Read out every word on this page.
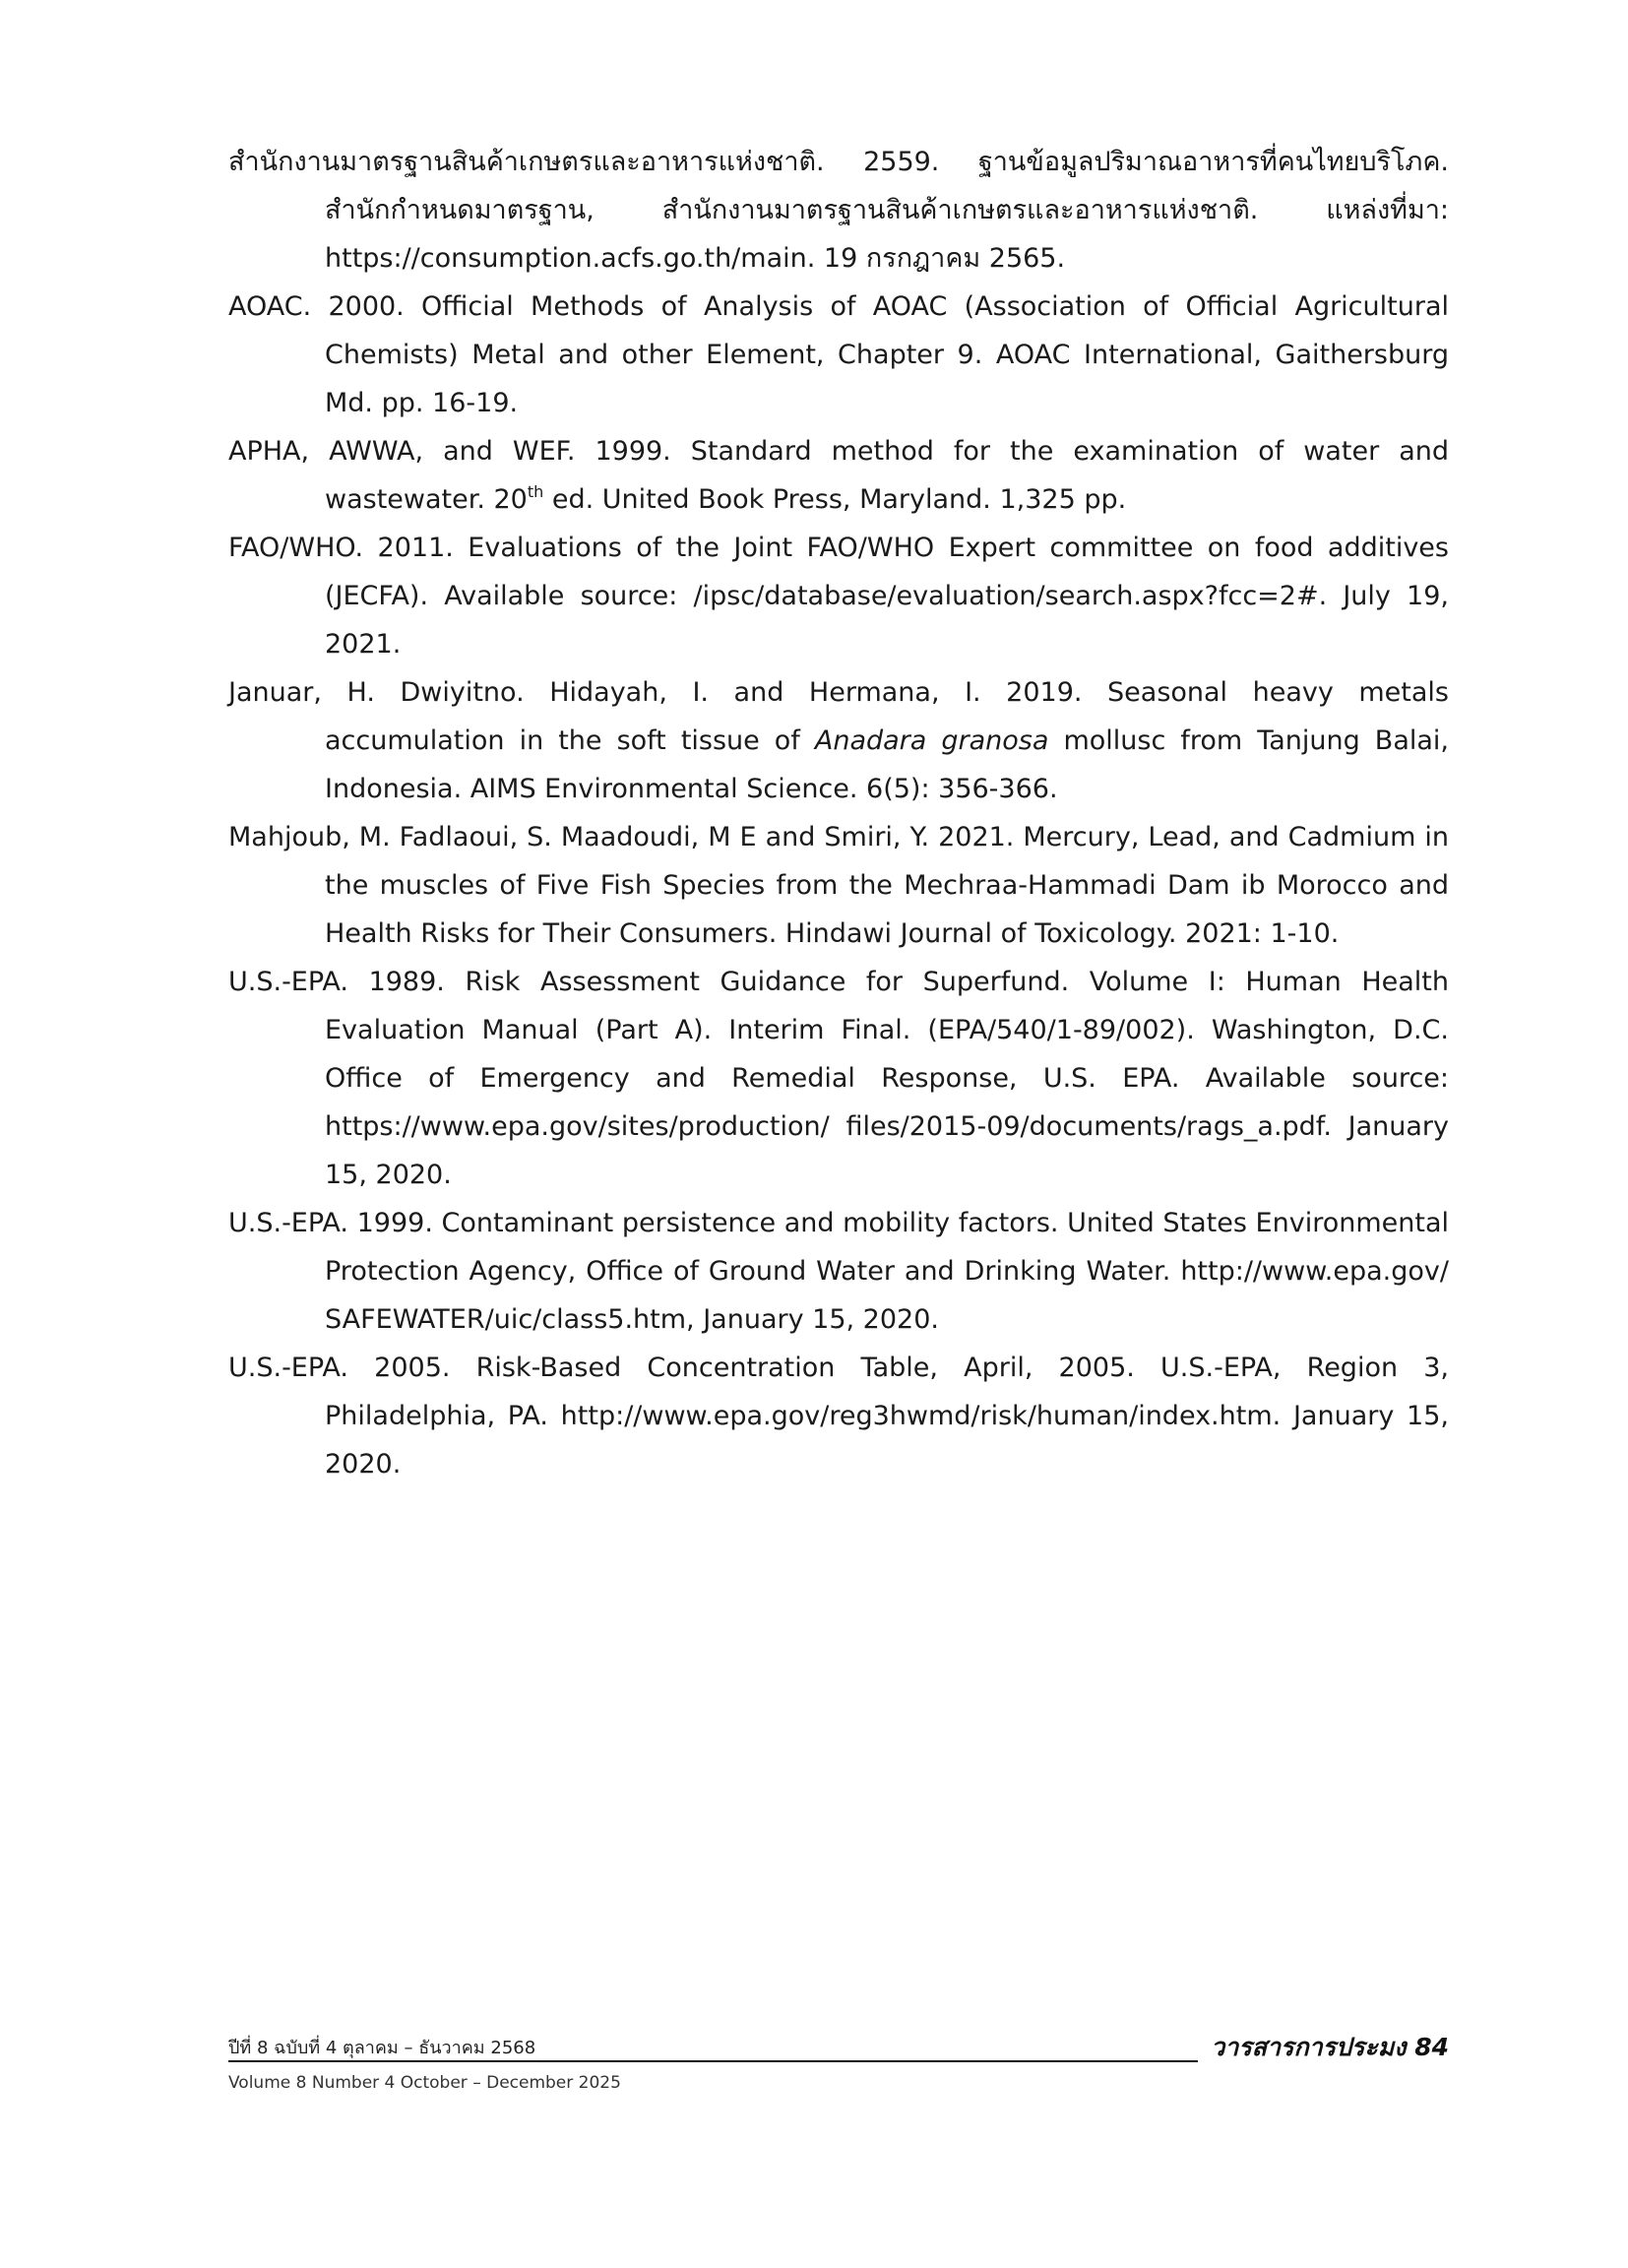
สำนักงานมาตรฐานสินค้าเกษตรและอาหารแห่งชาติ. 2559. ฐานข้อมูลปริมาณอาหารที่คนไทยบริโภค. สำนักกำหนดมาตรฐาน, สำนักงานมาตรฐานสินค้าเกษตรและอาหารแห่งชาติ. แหล่งที่มา: https://consumption.acfs.go.th/main. 19 กรกฎาคม 2565.

AOAC. 2000. Official Methods of Analysis of AOAC (Association of Official Agricultural Chemists) Metal and other Element, Chapter 9. AOAC International, Gaithersburg Md. pp. 16-19.

APHA, AWWA, and WEF. 1999. Standard method for the examination of water and wastewater. 20th ed. United Book Press, Maryland. 1,325 pp.

FAO/WHO. 2011. Evaluations of the Joint FAO/WHO Expert committee on food additives (JECFA). Available source: /ipsc/database/evaluation/search.aspx?fcc=2#. July 19, 2021.

Januar, H. Dwiyitno. Hidayah, I. and Hermana, I. 2019. Seasonal heavy metals accumulation in the soft tissue of Anadara granosa mollusc from Tanjung Balai, Indonesia. AIMS Environmental Science. 6(5): 356-366.

Mahjoub, M. Fadlaoui, S. Maadoudi, M E and Smiri, Y. 2021. Mercury, Lead, and Cadmium in the muscles of Five Fish Species from the Mechraa-Hammadi Dam ib Morocco and Health Risks for Their Consumers. Hindawi Journal of Toxicology. 2021: 1-10.

U.S.-EPA. 1989. Risk Assessment Guidance for Superfund. Volume I: Human Health Evaluation Manual (Part A). Interim Final. (EPA/540/1-89/002). Washington, D.C. Office of Emergency and Remedial Response, U.S. EPA. Available source: https://www.epa.gov/sites/production/ files/2015-09/documents/rags_a.pdf. January 15, 2020.

U.S.-EPA. 1999. Contaminant persistence and mobility factors. United States Environmental Protection Agency, Office of Ground Water and Drinking Water. http://www.epa.gov/ SAFEWATER/uic/class5.htm, January 15, 2020.

U.S.-EPA. 2005. Risk-Based Concentration Table, April, 2005. U.S.-EPA, Region 3, Philadelphia, PA. http://www.epa.gov/reg3hwmd/risk/human/index.htm. January 15, 2020.

ปีที่ 8 ฉบับที่ 4 ตุลาคม – ธันวาคม 2568	วารสารการประมง 84
Volume 8 Number 4 October – December 2025
